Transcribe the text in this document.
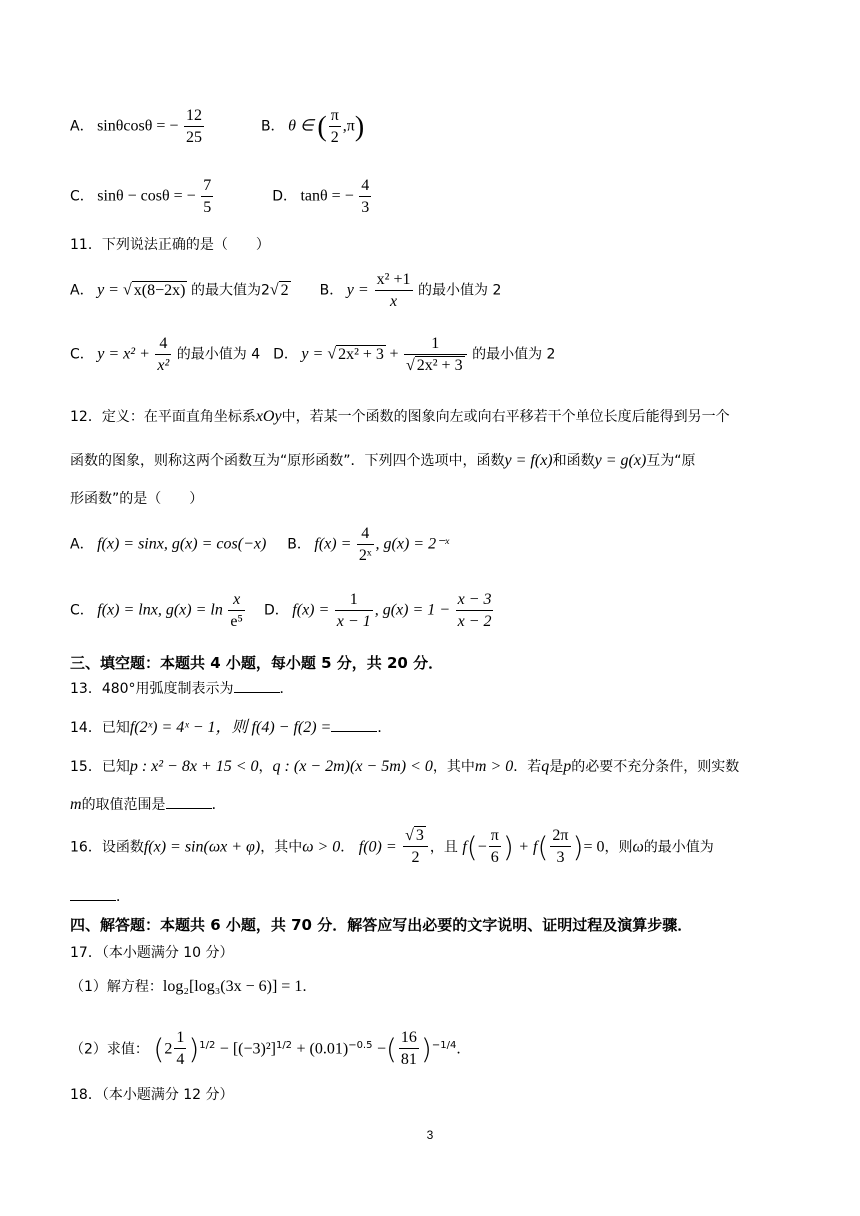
A． sinθcosθ = − $\frac{12}{25}$	B． θ ∈ ( $\frac{\pi}{2} ,\pi$)
C． sinθ − cosθ = − $\frac{7}{5}$	D． tanθ = − $\frac{4}{3}$
11．下列说法正确的是（　　）
A． y = √ x(8−2x) 的最大值为2√ 2 B． $y = \frac{\text{x² +1}}{x}$ 的最小值为 2
C． $y = x^2 + \frac{4}{\text{x²}}$ 的最小值为 4 D． y = √ $2x^2 + 3 + \frac{1}{\text{√ 2x² + 3}}$ 的最小值为 2
12．定义：在平面直角坐标系xOy中，若某一个函数的图象向左或向右平移若干个单位长度后能得到另一个
函数的图象，则称这两个函数互为“原形函数”．下列四个选项中，函数y = f(x)和函数y = g(x)互为“原
形函数”的是（　　）
A． f(x) = sinx, g(x) = cos(−x) B． $f(x) = \frac{4}{\text{2ˣ}}$ , g(x) = 2⁻ˣ
C． f(x) = lnx, $g(x) = \ln \frac{x}{\text{e⁵}}$ D． $f(x) = \frac{1}{x - 1}$ , $g(x) = 1 - \frac{x - 3}{x - 2}$
三、填空题：本题共 4 小题，每小题 5 分，共 20 分．
13．480°用弧度制表示为	．
14．已知f(2ˣ) = 4ˣ − 1，则 f(4) − f(2) =	．
15．已知p : x² − 8x + 15 < 0，q : (x − 2m)(x − 5m) < 0，其中m > 0．若q是p的必要不充分条件，则实数
m的取值范围是	．
16．设函数f(x) = sin(ωx + φ)，其中ω > 0． $f(0) = \frac{√ 3}{2}$ ，且 $f(- \frac{\pi}{6}$ ) + $f( \frac{2\pi}{3}$ )= 0，则ω的最小值为
．
四、解答题：本题共 6 小题，共 70 分．解答应写出必要的文字说明、证明过程及演算步骤．
17．（本小题满分 10 分）
（1）解方程：log₂[log₃(3x − 6)] = 1．
（2）求值： $(2 \frac{1}{4} )^{1/2} - [(-3)^2]^{1/2} + (0.01)^{-0.5}$ −( $\frac{16}{81} )^{-1/4}$．
18．（本小题满分 12 分）
3
